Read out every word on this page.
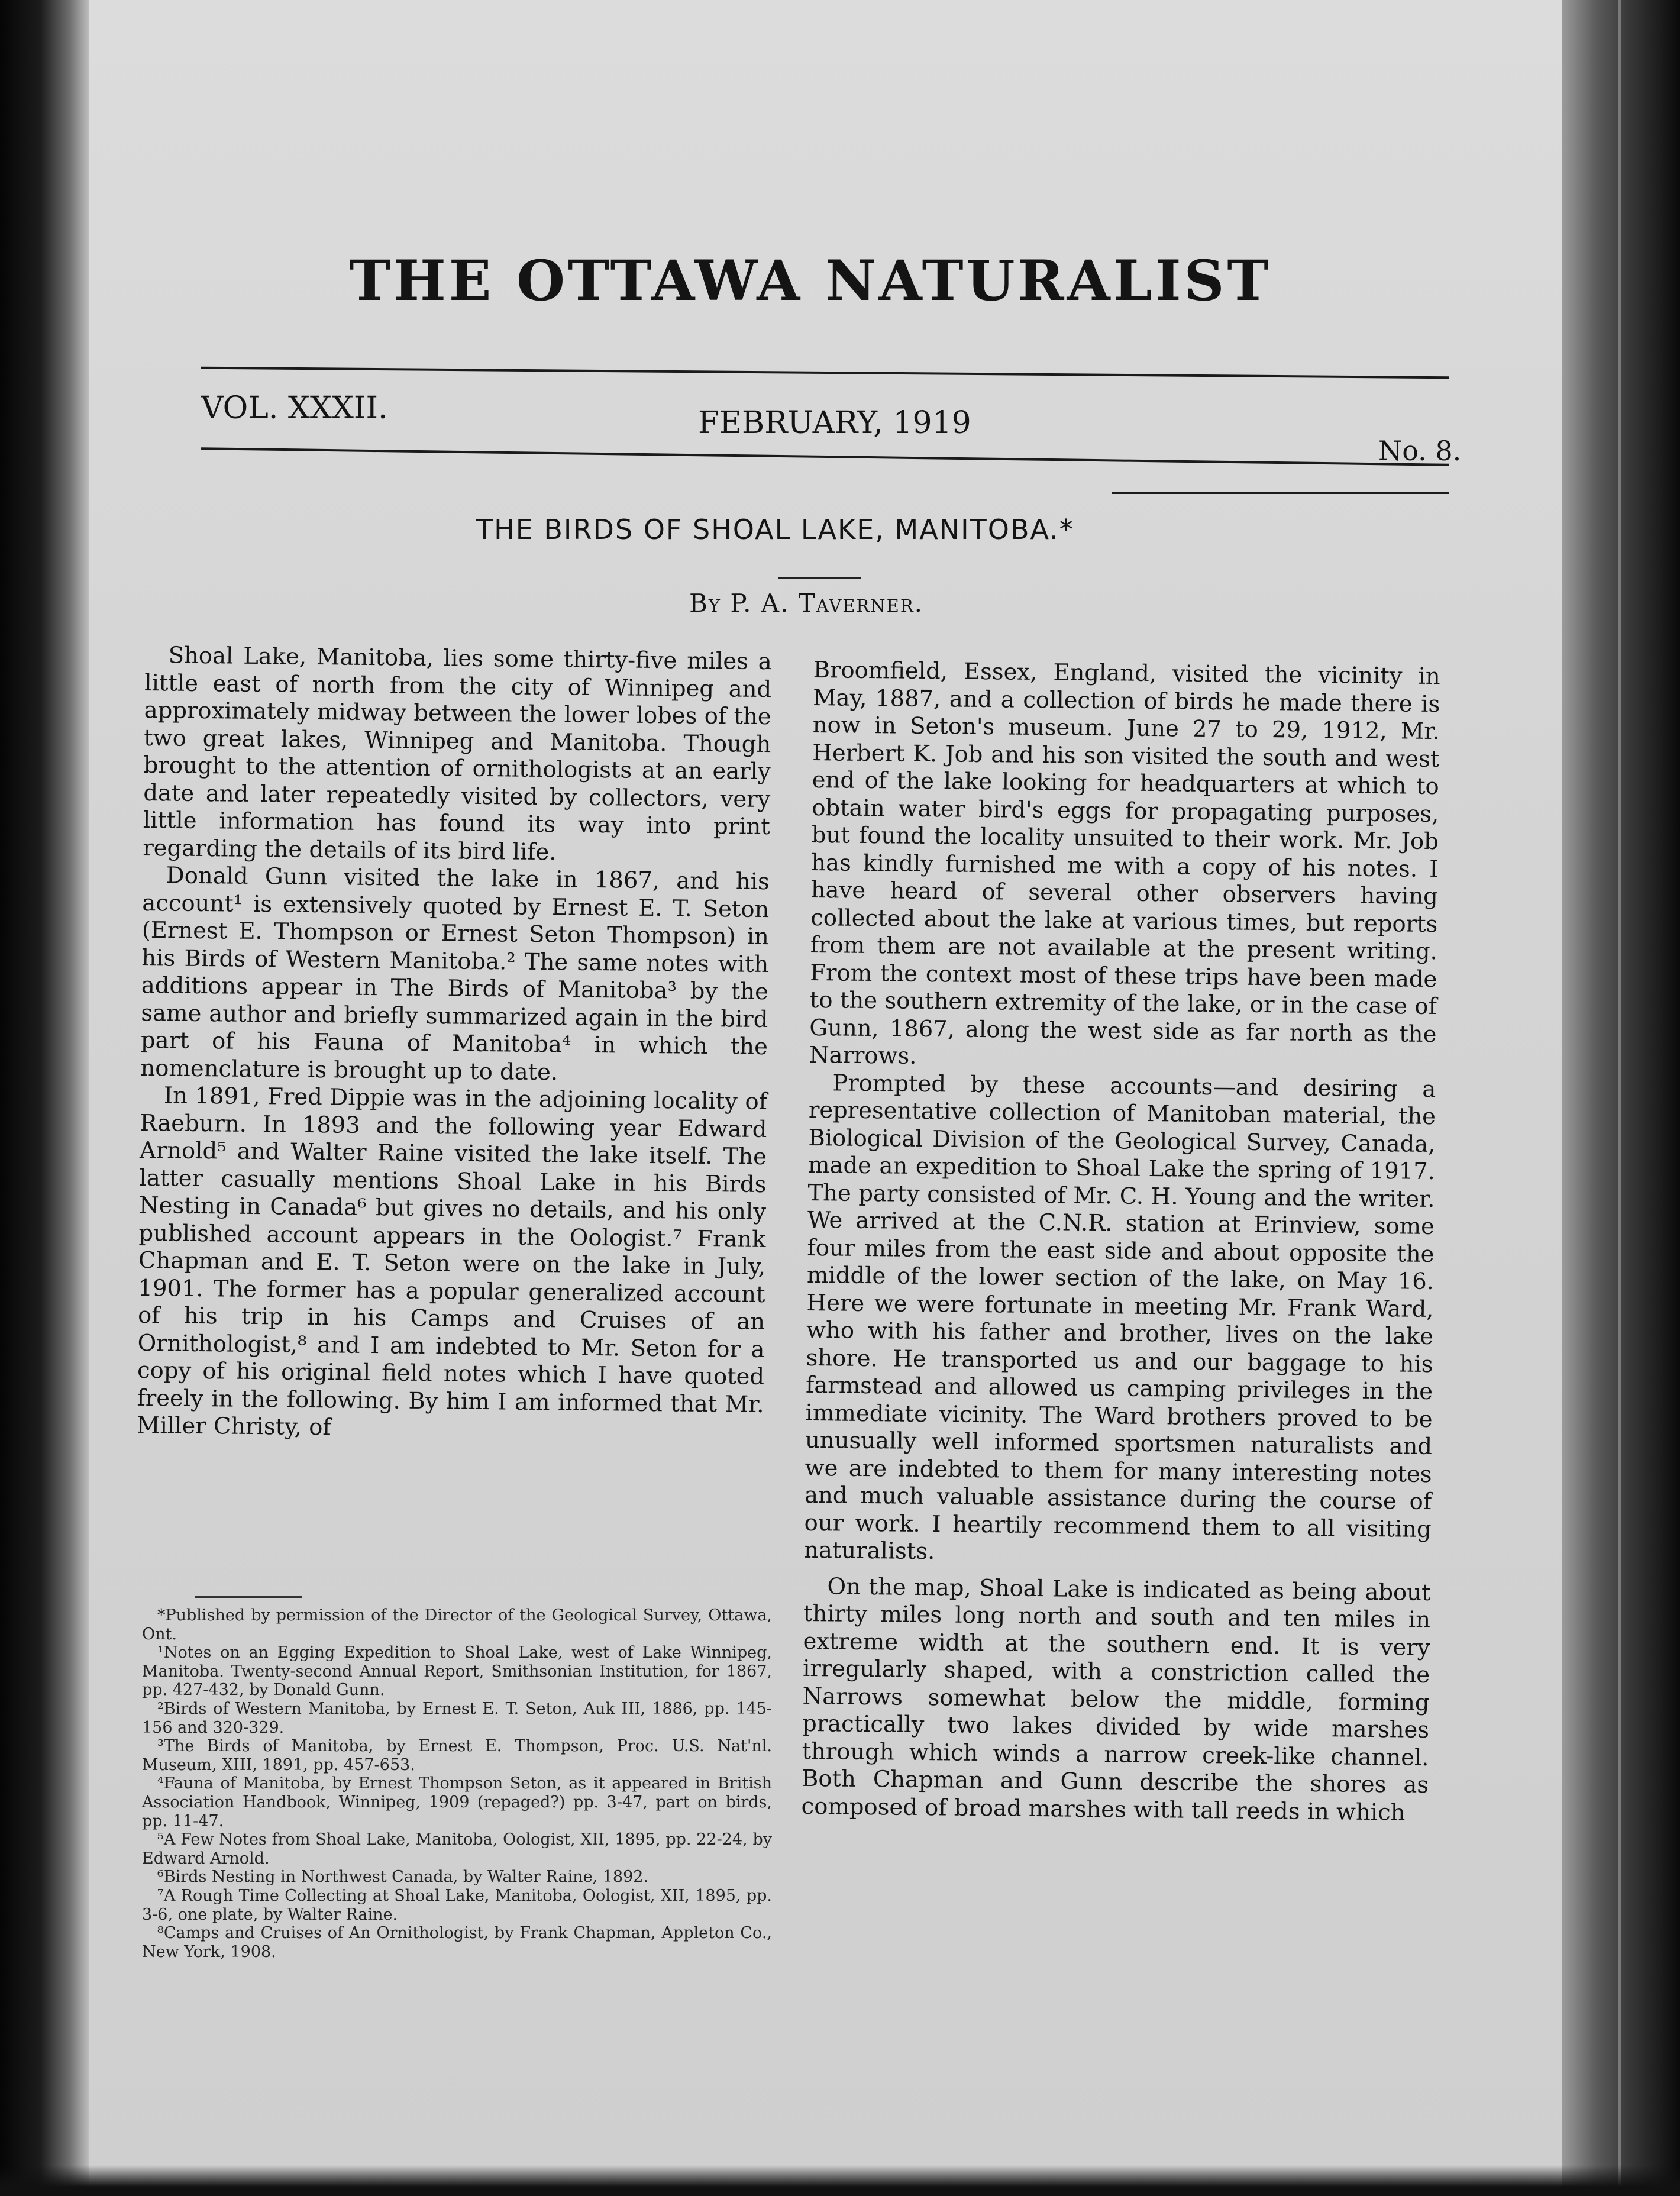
THE OTTAWA NATURALIST
VOL. XXXII.	FEBRUARY, 1919
No. 8.
THE BIRDS OF SHOAL LAKE, MANITOBA.*
By P. A. Taverner.

Shoal Lake, Manitoba, lies some thirty-five miles a little east of north from the city of Winnipeg and approximately midway between the lower lobes of the two great lakes, Winnipeg and Manitoba. Though brought to the attention of ornithologists at an early date and later repeatedly visited by collectors, very little information has found its way into print regarding the details of its bird life.

Donald Gunn visited the lake in 1867, and his account¹ is extensively quoted by Ernest E. T. Seton (Ernest E. Thompson or Ernest Seton Thompson) in his Birds of Western Manitoba.² The same notes with additions appear in The Birds of Manitoba³ by the same author and briefly summarized again in the bird part of his Fauna of Manitoba⁴ in which the nomenclature is brought up to date.

In 1891, Fred Dippie was in the adjoining locality of Raeburn. In 1893 and the following year Edward Arnold⁵ and Walter Raine visited the lake itself. The latter casually mentions Shoal Lake in his Birds Nesting in Canada⁶ but gives no details, and his only published account appears in the Oologist.⁷ Frank Chapman and E. T. Seton were on the lake in July, 1901. The former has a popular generalized account of his trip in his Camps and Cruises of an Ornithologist,⁸ and I am indebted to Mr. Seton for a copy of his original field notes which I have quoted freely in the following. By him I am informed that Mr. Miller Christy, of

*Published by permission of the Director of the Geological Survey, Ottawa, Ont.

¹Notes on an Egging Expedition to Shoal Lake, west of Lake Winnipeg, Manitoba. Twenty-second Annual Report, Smithsonian Institution, for 1867, pp. 427-432, by Donald Gunn.

²Birds of Western Manitoba, by Ernest E. T. Seton, Auk III, 1886, pp. 145-156 and 320-329.

³The Birds of Manitoba, by Ernest E. Thompson, Proc. U.S. Nat'nl. Museum, XIII, 1891, pp. 457-653.

⁴Fauna of Manitoba, by Ernest Thompson Seton, as it appeared in British Association Handbook, Winnipeg, 1909 (repaged?) pp. 3-47, part on birds, pp. 11-47.

⁵A Few Notes from Shoal Lake, Manitoba, Oologist, XII, 1895, pp. 22-24, by Edward Arnold.

⁶Birds Nesting in Northwest Canada, by Walter Raine, 1892.

⁷A Rough Time Collecting at Shoal Lake, Manitoba, Oologist, XII, 1895, pp. 3-6, one plate, by Walter Raine.

⁸Camps and Cruises of An Ornithologist, by Frank Chapman, Appleton Co., New York, 1908.

Broomfield, Essex, England, visited the vicinity in May, 1887, and a collection of birds he made there is now in Seton's museum. June 27 to 29, 1912, Mr. Herbert K. Job and his son visited the south and west end of the lake looking for headquarters at which to obtain water bird's eggs for propagating purposes, but found the locality unsuited to their work. Mr. Job has kindly furnished me with a copy of his notes. I have heard of several other observers having collected about the lake at various times, but reports from them are not available at the present writing. From the context most of these trips have been made to the southern extremity of the lake, or in the case of Gunn, 1867, along the west side as far north as the Narrows.

Prompted by these accounts—and desiring a representative collection of Manitoban material, the Biological Division of the Geological Survey, Canada, made an expedition to Shoal Lake the spring of 1917. The party consisted of Mr. C. H. Young and the writer. We arrived at the C.N.R. station at Erinview, some four miles from the east side and about opposite the middle of the lower section of the lake, on May 16. Here we were fortunate in meeting Mr. Frank Ward, who with his father and brother, lives on the lake shore. He transported us and our baggage to his farmstead and allowed us camping privileges in the immediate vicinity. The Ward brothers proved to be unusually well informed sportsmen naturalists and we are indebted to them for many interesting notes and much valuable assistance during the course of our work. I heartily recommend them to all visiting naturalists.

On the map, Shoal Lake is indicated as being about thirty miles long north and south and ten miles in extreme width at the southern end. It is very irregularly shaped, with a constriction called the Narrows somewhat below the middle, forming practically two lakes divided by wide marshes through which winds a narrow creek-like channel. Both Chapman and Gunn describe the shores as composed of broad marshes with tall reeds in which
